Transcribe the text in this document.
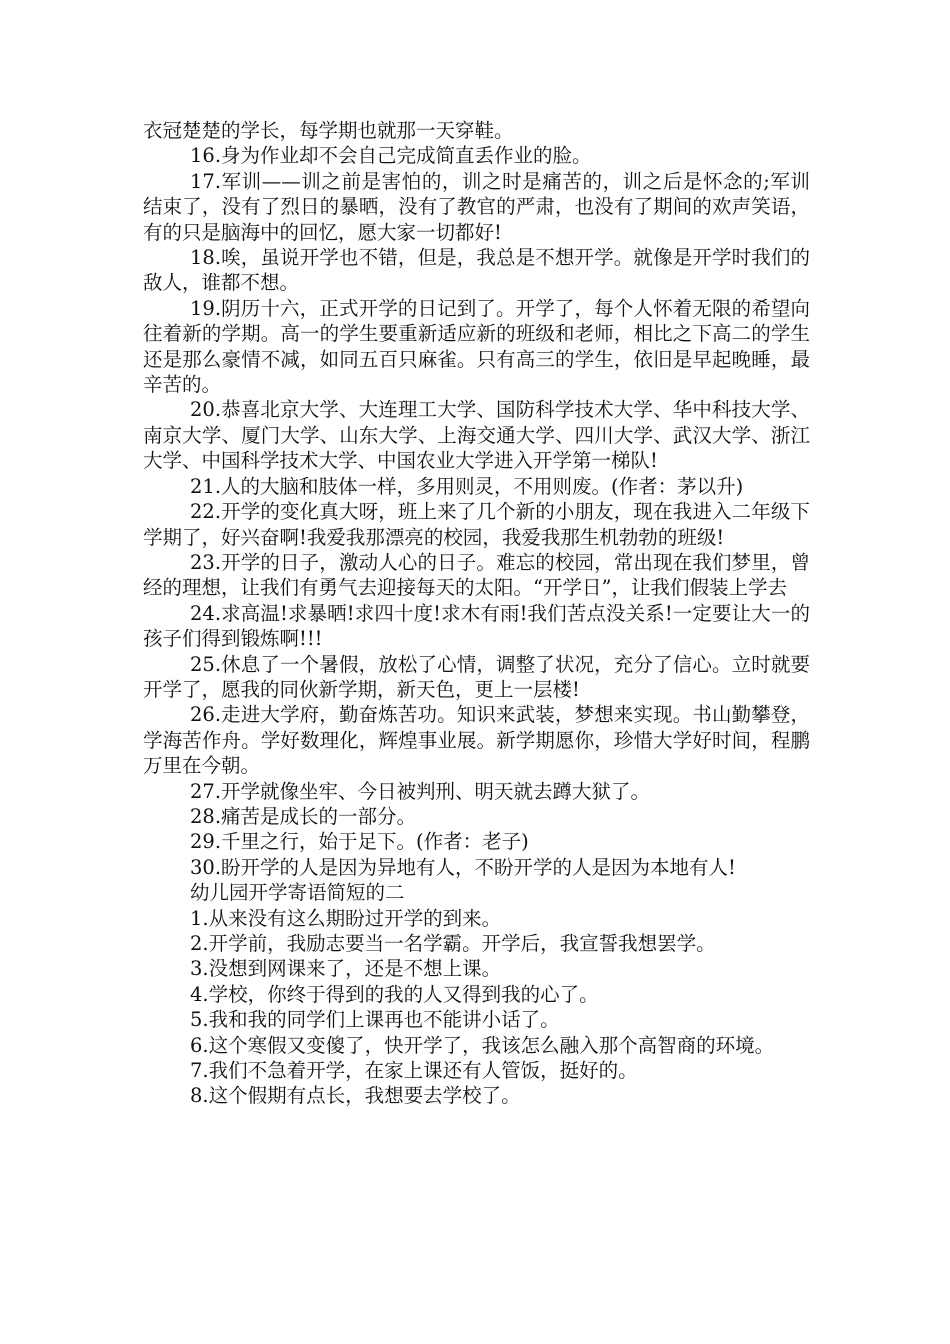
衣冠楚楚的学长，每学期也就那一天穿鞋。

16.身为作业却不会自己完成简直丢作业的脸。

17.军训——训之前是害怕的，训之时是痛苦的，训之后是怀念的;军训结束了，没有了烈日的暴晒，没有了教官的严肃，也没有了期间的欢声笑语，有的只是脑海中的回忆，愿大家一切都好!

18.唉，虽说开学也不错，但是，我总是不想开学。就像是开学时我们的敌人，谁都不想。

19.阴历十六，正式开学的日记到了。开学了，每个人怀着无限的希望向往着新的学期。高一的学生要重新适应新的班级和老师，相比之下高二的学生还是那么豪情不减，如同五百只麻雀。只有高三的学生，依旧是早起晚睡，最辛苦的。

20.恭喜北京大学、大连理工大学、国防科学技术大学、华中科技大学、南京大学、厦门大学、山东大学、上海交通大学、四川大学、武汉大学、浙江大学、中国科学技术大学、中国农业大学进入开学第一梯队!

21.人的大脑和肢体一样，多用则灵，不用则废。(作者：茅以升)

22.开学的变化真大呀，班上来了几个新的小朋友，现在我进入二年级下学期了，好兴奋啊!我爱我那漂亮的校园，我爱我那生机勃勃的班级!

23.开学的日子，激动人心的日子。难忘的校园，常出现在我们梦里，曾经的理想，让我们有勇气去迎接每天的太阳。“开学日”，让我们假装上学去

24.求高温!求暴晒!求四十度!求木有雨!我们苦点没关系!一定要让大一的孩子们得到锻炼啊!!!

25.休息了一个暑假，放松了心情，调整了状况，充分了信心。立时就要开学了，愿我的同伙新学期，新天色，更上一层楼!

26.走进大学府，勤奋炼苦功。知识来武装，梦想来实现。书山勤攀登，学海苦作舟。学好数理化，辉煌事业展。新学期愿你，珍惜大学好时间，程鹏万里在今朝。

27.开学就像坐牢、今日被判刑、明天就去蹲大狱了。

28.痛苦是成长的一部分。

29.千里之行，始于足下。(作者：老子)

30.盼开学的人是因为异地有人，不盼开学的人是因为本地有人!

幼儿园开学寄语简短的二

1.从来没有这么期盼过开学的到来。

2.开学前，我励志要当一名学霸。开学后，我宣誓我想罢学。

3.没想到网课来了，还是不想上课。

4.学校，你终于得到的我的人又得到我的心了。

5.我和我的同学们上课再也不能讲小话了。

6.这个寒假又变傻了，快开学了，我该怎么融入那个高智商的环境。

7.我们不急着开学，在家上课还有人管饭，挺好的。

8.这个假期有点长，我想要去学校了。
